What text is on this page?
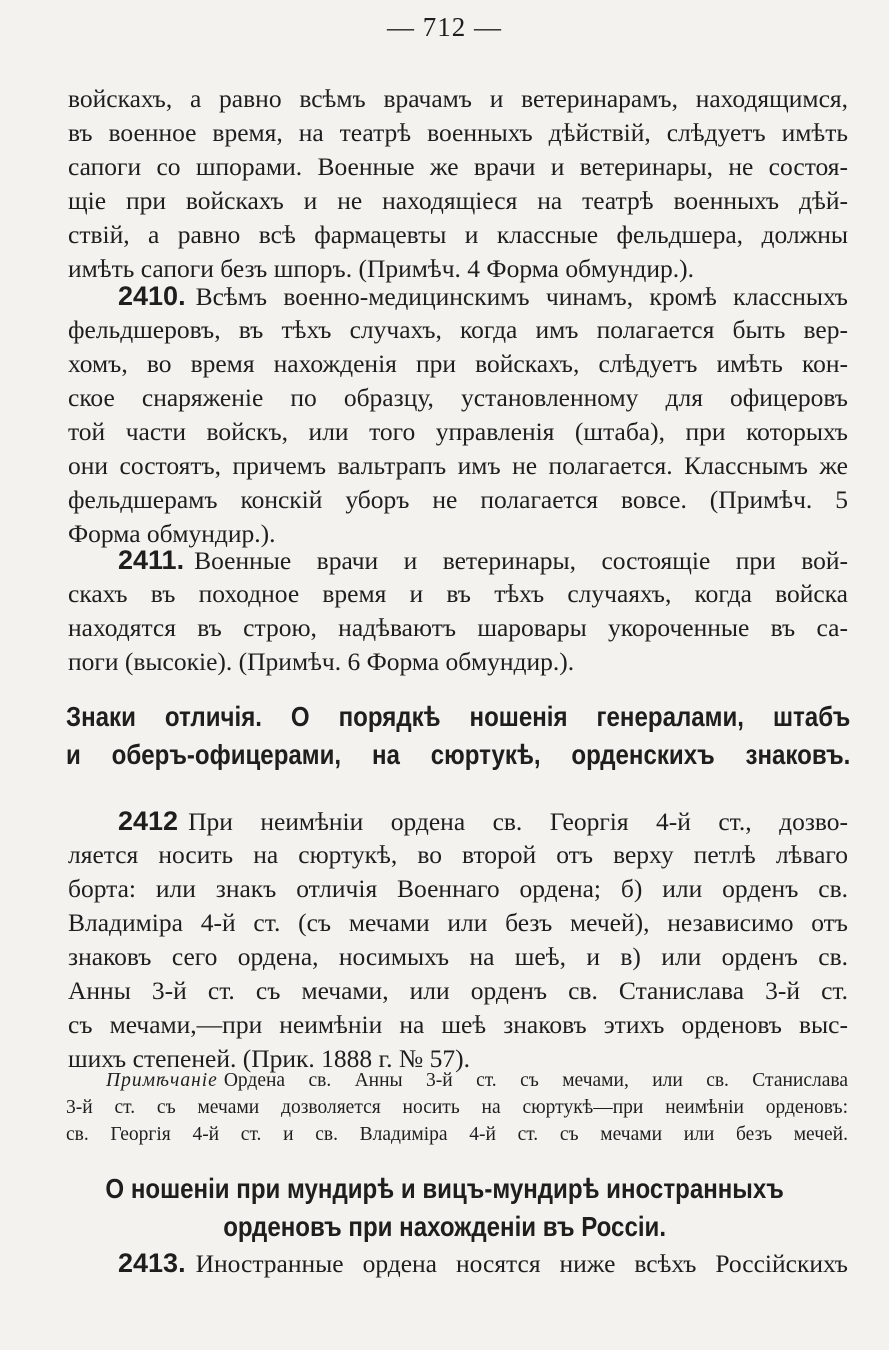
— 712 —
войскахъ, а равно всѣмъ врачамъ и ветеринарамъ, находящимся,
въ военное время, на театрѣ военныхъ дѣйствій, слѣдуетъ имѣть
сапоги со шпорами. Военные же врачи и ветеринары, не состоя-
щіе при войскахъ и не находящіеся на театрѣ военныхъ дѣй-
ствій, а равно всѣ фармацевты и классные фельдшера, должны
имѣть сапоги безъ шпоръ. (Примѣч. 4 Форма обмундир.).
2410. Всѣмъ военно-медицинскимъ чинамъ, кромѣ классныхъ
фельдшеровъ, въ тѣхъ случахъ, когда имъ полагается быть вер-
хомъ, во время нахожденія при войскахъ, слѣдуетъ имѣть кон-
ское снаряженіе по образцу, установленному для офицеровъ
той части войскъ, или того управленія (штаба), при которыхъ
они состоятъ, причемъ вальтрапъ имъ не полагается. Класснымъ же
фельдшерамъ конскій уборъ не полагается вовсе. (Примѣч. 5
Форма обмундир.).
2411. Военные врачи и ветеринары, состоящіе при вой-
скахъ въ походное время и въ тѣхъ случаяхъ, когда войска
находятся въ строю, надѣваютъ шаровары укороченные въ са-
поги (высокіе). (Примѣч. 6 Форма обмундир.).
Знаки отличія. О порядкѣ ношенія генералами, штабъ
и оберъ-офицерами, на сюртукѣ, орденскихъ знаковъ.
2412 При неимѣніи ордена св. Георгія 4-й ст., дозво-
ляется носить на сюртукѣ, во второй отъ верху петлѣ лѣваго
борта: или знакъ отличія Военнаго ордена; б) или орденъ св.
Владиміра 4-й ст. (съ мечами или безъ мечей), независимо отъ
знаковъ сего ордена, носимыхъ на шеѣ, и в) или орденъ св.
Анны 3-й ст. съ мечами, или орденъ св. Станислава 3-й ст.
съ мечами,—при неимѣніи на шеѣ знаковъ этихъ орденовъ выс-
шихъ степеней. (Прик. 1888 г. № 57).
Примѣчаніе Ордена св. Анны 3-й ст. съ мечами, или св. Станислава
3-й ст. съ мечами дозволяется носить на сюртукѣ—при неимѣніи орденовъ:
св. Георгія 4-й ст. и св. Владиміра 4-й ст. съ мечами или безъ мечей.
О ношеніи при мундирѣ и вицъ-мундирѣ иностранныхъ
орденовъ при нахожденіи въ Россіи.
2413. Иностранные ордена носятся ниже всѣхъ Россійскихъ
